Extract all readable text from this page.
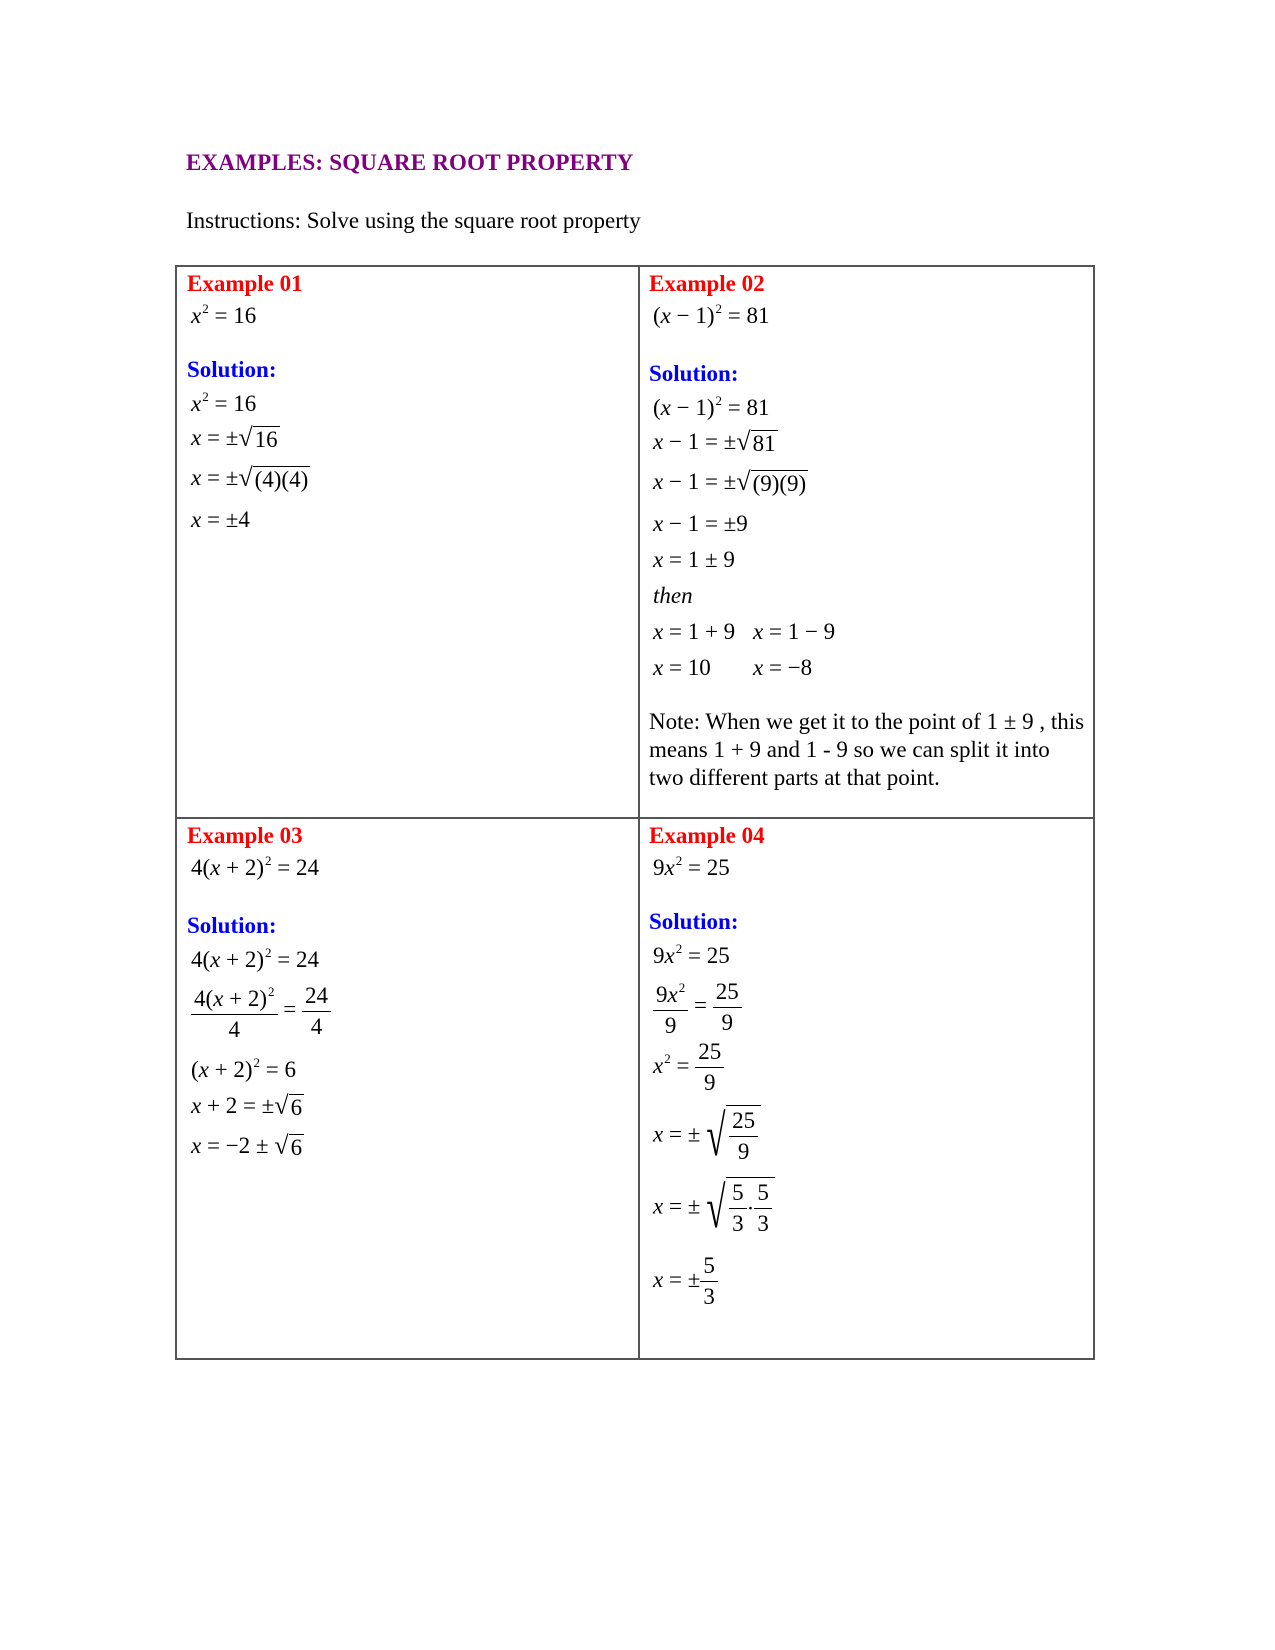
EXAMPLES: SQUARE ROOT PROPERTY
Instructions: Solve using the square root property
Example 01
$x^2 = 16$
Solution:
$x^2 = 16$
x = ± √ 16
x = ± √ (4)(4)
x = ±4
Example 02
$(x - 1)^2 = 81$
Solution:
$(x - 1)^2 = 81$
x − 1 = ± √ 81
x − 1 = ± √ (9)(9)
x − 1 = ±9
x = 1 ± 9
then
x = 1 + 9 x = 1 − 9
x = 10 x = −8
Note: When we get it to the point of 1 ± 9 , this means 1 + 9 and 1 - 9 so we can split it into two different parts at that point.
Example 03
$4(x + 2)^2 = 24$
Solution:
$4(x + 2)^2 = 24$
$\frac{4(x + 2)^2}{4} = \frac{24}{4}$
$(x + 2)^2 = 6$
x + 2 = ± √ 6
x = −2 ± √ 6
Example 04
$9x^2 = 25$
Solution:
$9x^2 = 25$
$\frac{9x^2}{9} = \frac{25}{9}$
$x^2 = \frac{25}{9}$
x = ± √ $\frac{25}{9}$
x = ± √ $\frac{5}{3} \cdot \frac{5}{3}$
x = ± $\frac{5}{3}$
